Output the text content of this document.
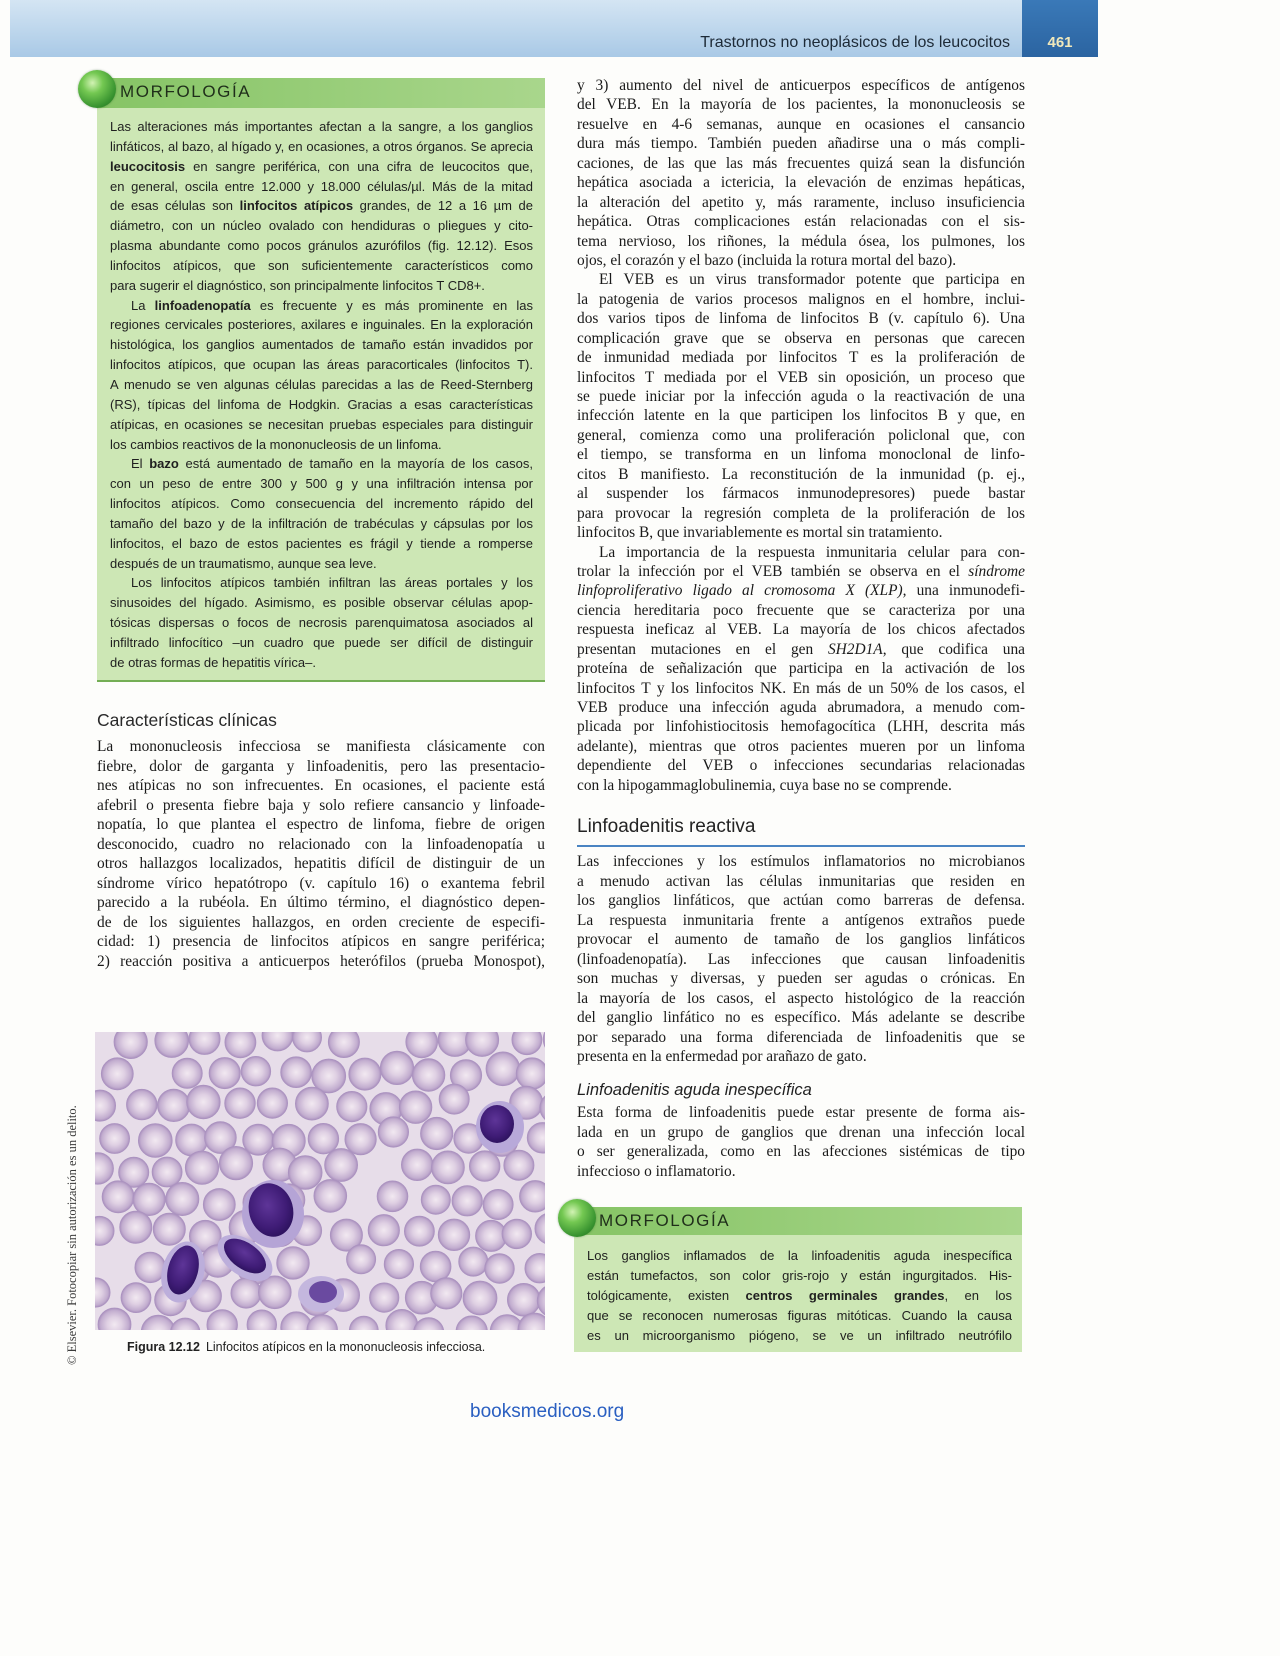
Trastornos no neoplásicos de los leucocitos	461
MORFOLOGÍA
Las alteraciones más importantes afectan a la sangre, a los ganglios
linfáticos, al bazo, al hígado y, en ocasiones, a otros órganos. Se aprecia
leucocitosis en sangre periférica, con una cifra de leucocitos que,
en general, oscila entre 12.000 y 18.000 células/µl. Más de la mitad
de esas células son linfocitos atípicos grandes, de 12 a 16 µm de
diámetro, con un núcleo ovalado con hendiduras o pliegues y cito-
plasma abundante como pocos gránulos azurófilos (fig. 12.12). Esos
linfocitos atípicos, que son suficientemente característicos como
para sugerir el diagnóstico, son principalmente linfocitos T CD8+.
La linfoadenopatía es frecuente y es más prominente en las
regiones cervicales posteriores, axilares e inguinales. En la exploración
histológica, los ganglios aumentados de tamaño están invadidos por
linfocitos atípicos, que ocupan las áreas paracorticales (linfocitos T).
A menudo se ven algunas células parecidas a las de Reed-Sternberg
(RS), típicas del linfoma de Hodgkin. Gracias a esas características
atípicas, en ocasiones se necesitan pruebas especiales para distinguir
los cambios reactivos de la mononucleosis de un linfoma.
El bazo está aumentado de tamaño en la mayoría de los casos,
con un peso de entre 300 y 500 g y una infiltración intensa por
linfocitos atípicos. Como consecuencia del incremento rápido del
tamaño del bazo y de la infiltración de trabéculas y cápsulas por los
linfocitos, el bazo de estos pacientes es frágil y tiende a romperse
después de un traumatismo, aunque sea leve.
Los linfocitos atípicos también infiltran las áreas portales y los
sinusoides del hígado. Asimismo, es posible observar células apop-
tósicas dispersas o focos de necrosis parenquimatosa asociados al
infiltrado linfocítico –un cuadro que puede ser difícil de distinguir
de otras formas de hepatitis vírica–.
Características clínicas
La mononucleosis infecciosa se manifiesta clásicamente con
fiebre, dolor de garganta y linfoadenitis, pero las presentacio-
nes atípicas no son infrecuentes. En ocasiones, el paciente está
afebril o presenta fiebre baja y solo refiere cansancio y linfoade-
nopatía, lo que plantea el espectro de linfoma, fiebre de origen
desconocido, cuadro no relacionado con la linfoadenopatía u
otros hallazgos localizados, hepatitis difícil de distinguir de un
síndrome vírico hepatótropo (v. capítulo 16) o exantema febril
parecido a la rubéola. En último término, el diagnóstico depen-
de de los siguientes hallazgos, en orden creciente de especifi-
cidad: 1) presencia de linfocitos atípicos en sangre periférica;
2) reacción positiva a anticuerpos heterófilos (prueba Monospot),
Figura 12.12 Linfocitos atípicos en la mononucleosis infecciosa.
© Elsevier. Fotocopiar sin autorización es un delito.
y 3) aumento del nivel de anticuerpos específicos de antígenos
del VEB. En la mayoría de los pacientes, la mononucleosis se
resuelve en 4-6 semanas, aunque en ocasiones el cansancio
dura más tiempo. También pueden añadirse una o más compli-
caciones, de las que las más frecuentes quizá sean la disfunción
hepática asociada a ictericia, la elevación de enzimas hepáticas,
la alteración del apetito y, más raramente, incluso insuficiencia
hepática. Otras complicaciones están relacionadas con el sis-
tema nervioso, los riñones, la médula ósea, los pulmones, los
ojos, el corazón y el bazo (incluida la rotura mortal del bazo).
El VEB es un virus transformador potente que participa en
la patogenia de varios procesos malignos en el hombre, inclui-
dos varios tipos de linfoma de linfocitos B (v. capítulo 6). Una
complicación grave que se observa en personas que carecen
de inmunidad mediada por linfocitos T es la proliferación de
linfocitos T mediada por el VEB sin oposición, un proceso que
se puede iniciar por la infección aguda o la reactivación de una
infección latente en la que participen los linfocitos B y que, en
general, comienza como una proliferación policlonal que, con
el tiempo, se transforma en un linfoma monoclonal de linfo-
citos B manifiesto. La reconstitución de la inmunidad (p. ej.,
al suspender los fármacos inmunodepresores) puede bastar
para provocar la regresión completa de la proliferación de los
linfocitos B, que invariablemente es mortal sin tratamiento.
La importancia de la respuesta inmunitaria celular para con-
trolar la infección por el VEB también se observa en el síndrome
linfoproliferativo ligado al cromosoma X (XLP), una inmunodefi-
ciencia hereditaria poco frecuente que se caracteriza por una
respuesta ineficaz al VEB. La mayoría de los chicos afectados
presentan mutaciones en el gen SH2D1A, que codifica una
proteína de señalización que participa en la activación de los
linfocitos T y los linfocitos NK. En más de un 50% de los casos, el
VEB produce una infección aguda abrumadora, a menudo com-
plicada por linfohistiocitosis hemofagocítica (LHH, descrita más
adelante), mientras que otros pacientes mueren por un linfoma
dependiente del VEB o infecciones secundarias relacionadas
con la hipogammaglobulinemia, cuya base no se comprende.
Linfoadenitis reactiva
Las infecciones y los estímulos inflamatorios no microbianos
a menudo activan las células inmunitarias que residen en
los ganglios linfáticos, que actúan como barreras de defensa.
La respuesta inmunitaria frente a antígenos extraños puede
provocar el aumento de tamaño de los ganglios linfáticos
(linfoadenopatía). Las infecciones que causan linfoadenitis
son muchas y diversas, y pueden ser agudas o crónicas. En
la mayoría de los casos, el aspecto histológico de la reacción
del ganglio linfático no es específico. Más adelante se describe
por separado una forma diferenciada de linfoadenitis que se
presenta en la enfermedad por arañazo de gato.
Linfoadenitis aguda inespecífica
Esta forma de linfoadenitis puede estar presente de forma ais-
lada en un grupo de ganglios que drenan una infección local
o ser generalizada, como en las afecciones sistémicas de tipo
infeccioso o inflamatorio.
MORFOLOGÍA
Los ganglios inflamados de la linfoadenitis aguda inespecífica
están tumefactos, son color gris-rojo y están ingurgitados. His-
tológicamente, existen centros germinales grandes, en los
que se reconocen numerosas figuras mitóticas. Cuando la causa
es un microorganismo piógeno, se ve un infiltrado neutrófilo
booksmedicos.org
